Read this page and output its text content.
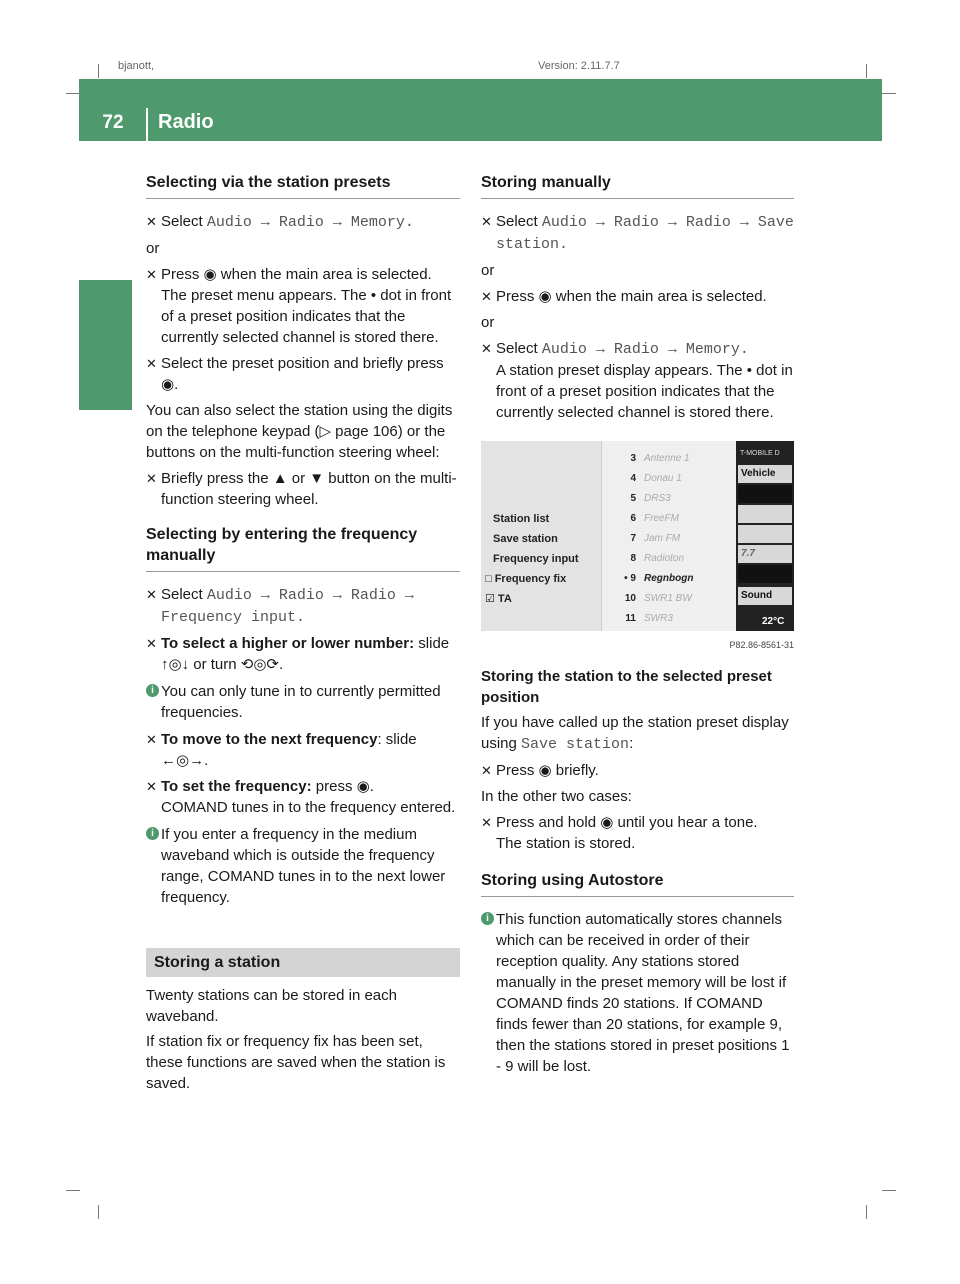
bjanott,	Version: 2.11.7.7
72	Radio
COMAND
Selecting via the station presets
✕ Select Audio → Radio → Memory.

or

✕ Press ◉ when the main area is selected.
The preset menu appears. The • dot in front of a preset position indicates that the currently selected channel is stored there.
✕ Select the preset position and briefly press ◉.

You can also select the station using the digits on the telephone keypad (▷ page 106) or the buttons on the multi-function steering wheel:

✕ Briefly press the ▲ or ▼ button on the multi-function steering wheel.
Selecting by entering the frequency manually
✕ Select Audio → Radio → Radio → Frequency input.
✕ To select a higher or lower number: slide ↑◎↓ or turn ⟲◎⟳.
i You can only tune in to currently permitted frequencies.
✕ To move to the next frequency: slide ←◎→.
✕ To set the frequency: press ◉.
COMAND tunes in to the frequency entered.
i If you enter a frequency in the medium waveband which is outside the frequency range, COMAND tunes in to the next lower frequency.
Storing a station

Twenty stations can be stored in each waveband.

If station fix or frequency fix has been set, these functions are saved when the station is saved.

Storing manually
✕ Select Audio → Radio → Radio → Save station.

or

✕ Press ◉ when the main area is selected.

or

✕ Select Audio → Radio → Memory.
A station preset display appears. The • dot in front of a preset position indicates that the currently selected channel is stored there.
Station list
Save station
Frequency input
□ Frequency fix
☑ TA
3 Antenne 1
4 Donau 1
5 DRS3
6 FreeFM
7 Jam FM
8 Radioton
• 9 Regnbogn
10 SWR1 BW
11 SWR3
T-MOBILE D
Vehicle
7.7
Sound
22°C
P82.86-8561-31
Storing the station to the selected preset position

If you have called up the station preset display using Save station:

✕ Press ◉ briefly.

In the other two cases:

✕ Press and hold ◉ until you hear a tone.
The station is stored.
Storing using Autostore
i This function automatically stores channels which can be received in order of their reception quality. Any stations stored manually in the preset memory will be lost if COMAND finds 20 stations. If COMAND finds fewer than 20 stations, for example 9, then the stations stored in preset positions 1 - 9 will be lost.
